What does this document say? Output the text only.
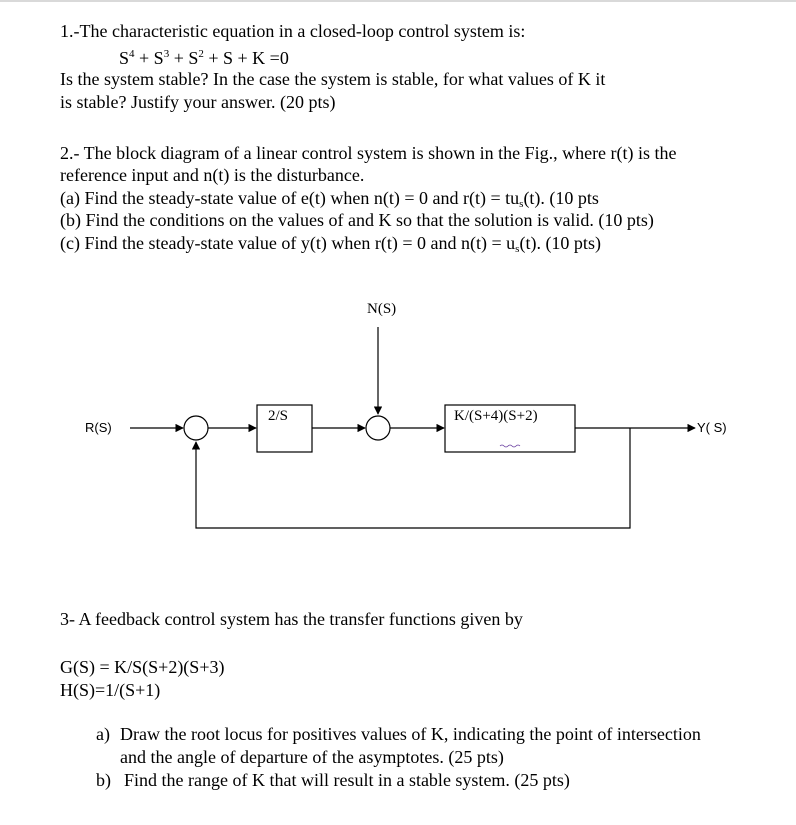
1.-The characteristic equation in a closed-loop control system is:
$S^4 + S^3 + S^2 + S + K =0$
Is the system stable? In the case the system is stable, for what values of K it
is stable? Justify your answer. (20 pts)
2.- The block diagram of a linear control system is shown in the Fig., where r(t) is the
reference input and n(t) is the disturbance.
(a) Find the steady-state value of e(t) when n(t) = 0 and $r(t) = tu_s(t)$. (10 pts
(b) Find the conditions on the values of and K so that the solution is valid. (10 pts)
(c) Find the steady-state value of y(t) when r(t) = 0 and $n(t) = u_s(t)$. (10 pts)
N(S)
R(S)
2/S	K/(S+4)(S+2)
Y( S)
3- A feedback control system has the transfer functions given by
G(S) = K/S(S+2)(S+3)
H(S)=1/(S+1)
a) Draw the root locus for positives values of K, indicating the point of intersection
and the angle of departure of the asymptotes. (25 pts)
b) Find the range of K that will result in a stable system. (25 pts)
